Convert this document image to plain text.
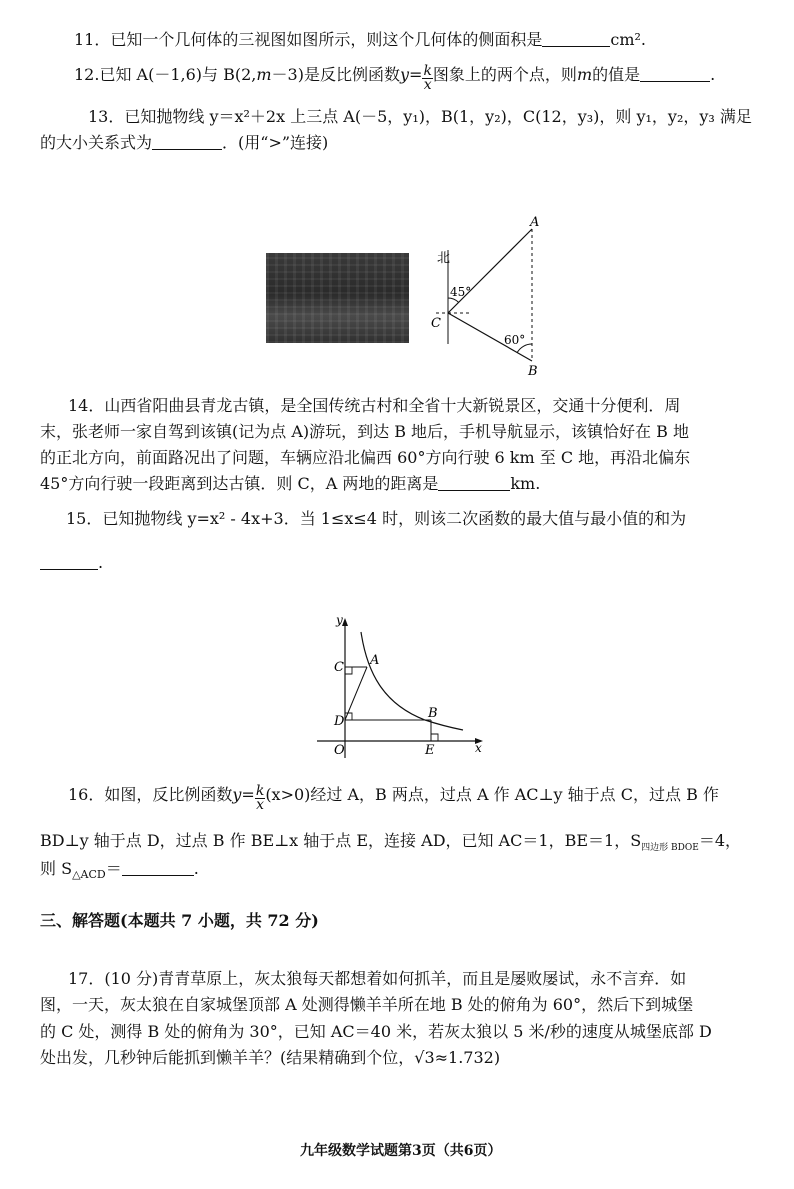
11．已知一个几何体的三视图如图所示，则这个几何体的侧面积是	cm².
12.已知 A(－1,6)与 B(2,m－3)是反比例函数$y= \frac{k}{x}$ 图象上的两个点，则m的值是	.
13．已知抛物线 y＝x²＋2x 上三点 A(－5，y₁)，B(1，y₂)，C(12，y₃)，则 y₁，y₂，y₃ 满足
的大小关系式为	．(用“>”连接)
北
45°
60°
A
C
B
14．山西省阳曲县青龙古镇，是全国传统古村和全省十大新锐景区，交通十分便利．周
末，张老师一家自驾到该镇(记为点 A)游玩，到达 B 地后，手机导航显示，该镇恰好在 B 地
的正北方向，前面路况出了问题，车辆应沿北偏西 60°方向行驶 6 km 至 C 地，再沿北偏东
45°方向行驶一段距离到达古镇．则 C，A 两地的距离是	km.
15．已知抛物线 y=x² - 4x+3．当 1≤x≤4 时，则该二次函数的最大值与最小值的和为
.
y
x
C A
D
B
O	E
16．如图，反比例函数$y= \frac{k}{x} (x>0)$经过 A，B 两点，过点 A 作 AC⊥y 轴于点 C，过点 B 作
BD⊥y 轴于点 D，过点 B 作 BE⊥x 轴于点 E，连接 AD，已知 AC＝1，BE＝1，$S_{四边形 BDOE}=4$，
则 $S_{\triangle ACD}=$	.
三、解答题(本题共 7 小题，共 72 分)
17．(10 分)青青草原上，灰太狼每天都想着如何抓羊，而且是屡败屡试，永不言弃．如
图，一天，灰太狼在自家城堡顶部 A 处测得懒羊羊所在地 B 处的俯角为 60°，然后下到城堡
的 C 处，测得 B 处的俯角为 30°，已知 AC＝40 米，若灰太狼以 5 米/秒的速度从城堡底部 D
处出发，几秒钟后能抓到懒羊羊？(结果精确到个位，√3≈1.732)
九年级数学试题第3页（共6页）
